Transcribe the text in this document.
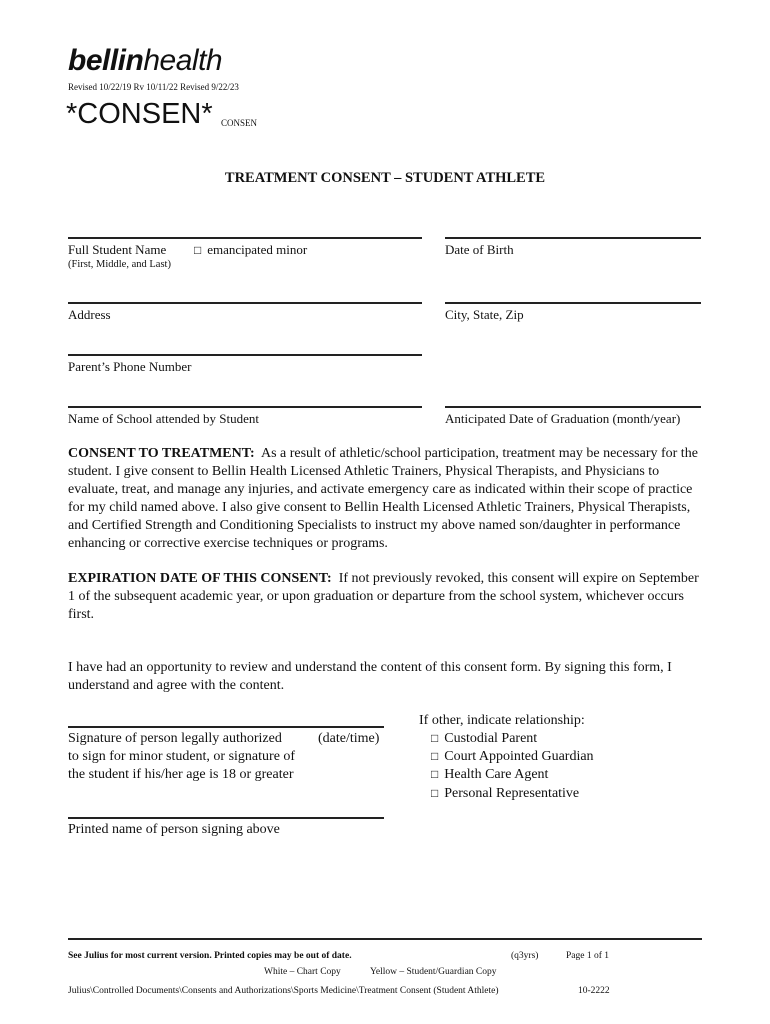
bellinhealth
Revised 10/22/19 Rv 10/11/22 Revised 9/22/23
*CONSEN* CONSEN
TREATMENT CONSENT – STUDENT ATHLETE
Full Student Name □ emancipated minor
(First, Middle, and Last)
Date of Birth
Address	City, State, Zip
Parent’s Phone Number
Name of School attended by Student	Anticipated Date of Graduation (month/year)
CONSENT TO TREATMENT: As a result of athletic/school participation, treatment may be necessary for the student. I give consent to Bellin Health Licensed Athletic Trainers, Physical Therapists, and Physicians to evaluate, treat, and manage any injuries, and activate emergency care as indicated within their scope of practice for my child named above. I also give consent to Bellin Health Licensed Athletic Trainers, Physical Therapists, and Certified Strength and Conditioning Specialists to instruct my above named son/daughter in performance enhancing or corrective exercise techniques or programs.
EXPIRATION DATE OF THIS CONSENT: If not previously revoked, this consent will expire on September 1 of the subsequent academic year, or upon graduation or departure from the school system, whichever occurs first.
I have had an opportunity to review and understand the content of this consent form. By signing this form, I understand and agree with the content.
Signature of person legally authorized	(date/time)
to sign for minor student, or signature of
the student if his/her age is 18 or greater
Printed name of person signing above
If other, indicate relationship:
□ Custodial Parent
□ Court Appointed Guardian
□ Health Care Agent
□ Personal Representative
See Julius for most current version. Printed copies may be out of date.	(q3yrs)	Page 1 of 1
White – Chart Copy	Yellow – Student/Guardian Copy
Julius\Controlled Documents\Consents and Authorizations\Sports Medicine\Treatment Consent (Student Athlete)	10-2222
